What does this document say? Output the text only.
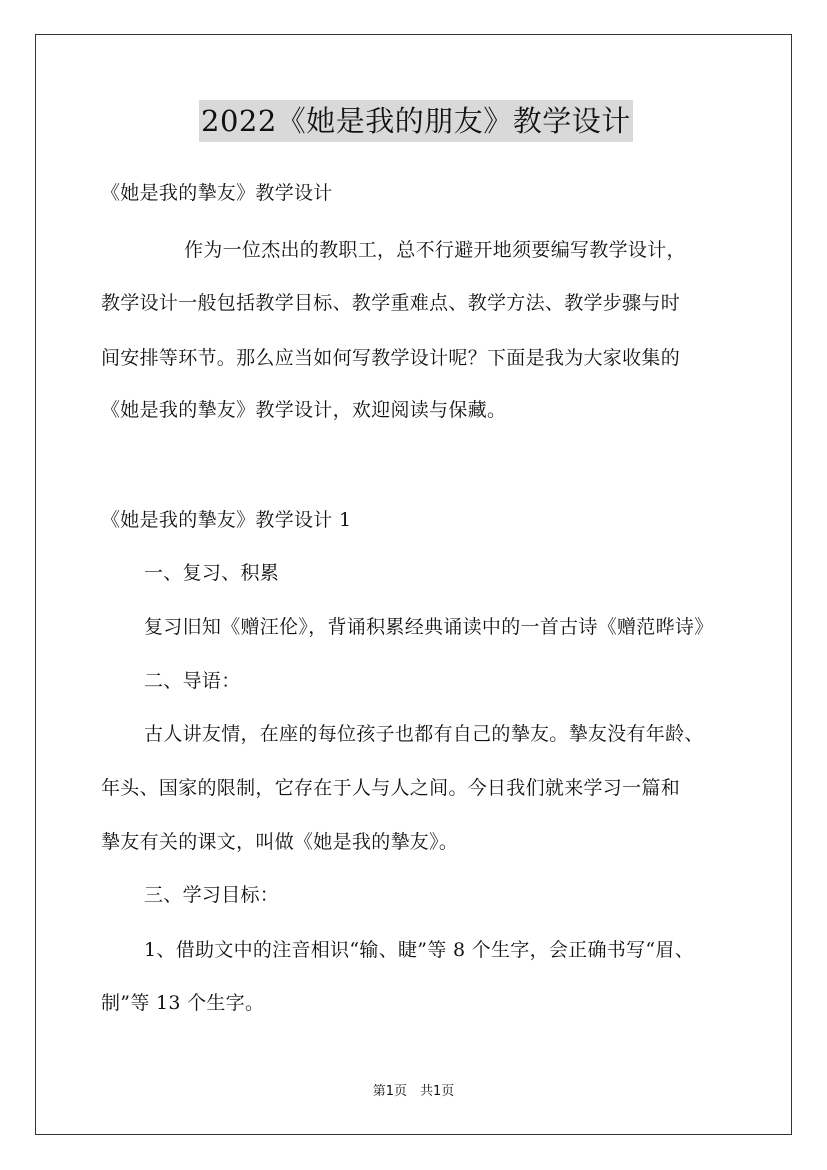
2022《她是我的朋友》教学设计
《她是我的摯友》教学设计
作为一位杰出的教职工，总不行避开地须要编写教学设计，
教学设计一般包括教学目标、教学重难点、教学方法、教学步骤与时
间安排等环节。那么应当如何写教学设计呢？下面是我为大家收集的
《她是我的摯友》教学设计，欢迎阅读与保藏。
《她是我的摯友》教学设计 1
一、复习、积累
复习旧知《赠汪伦》，背诵积累经典诵读中的一首古诗《赠范晔诗》
二、导语：
古人讲友情，在座的每位孩子也都有自己的摯友。摯友没有年龄、
年头、国家的限制，它存在于人与人之间。今日我们就来学习一篇和
摯友有关的课文，叫做《她是我的摯友》。
三、学习目标：
1、借助文中的注音相识“输、睫”等 8 个生字，会正确书写“眉、
制”等 13 个生字。
第1页　共1页
